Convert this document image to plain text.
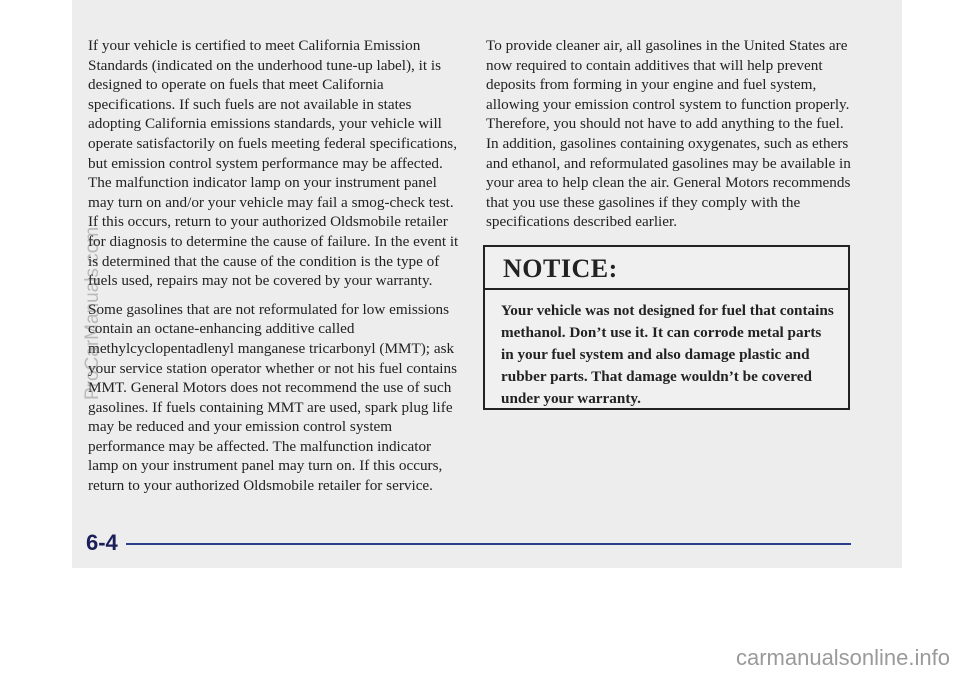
If your vehicle is certified to meet California Emission Standards (indicated on the underhood tune-up label), it is designed to operate on fuels that meet California specifications. If such fuels are not available in states adopting California emissions standards, your vehicle will operate satisfactorily on fuels meeting federal specifications, but emission control system performance may be affected. The malfunction indicator lamp on your instrument panel may turn on and/or your vehicle may fail a smog-check test. If this occurs, return to your authorized Oldsmobile retailer for diagnosis to determine the cause of failure. In the event it is determined that the cause of the condition is the type of fuels used, repairs may not be covered by your warranty.

Some gasolines that are not reformulated for low emissions contain an octane-enhancing additive called methylcyclopentadlenyl manganese tricarbonyl (MMT); ask your service station operator whether or not his fuel contains MMT. General Motors does not recommend the use of such gasolines. If fuels containing MMT are used, spark plug life may be reduced and your emission control system performance may be affected. The malfunction indicator lamp on your instrument panel may turn on. If this occurs, return to your authorized Oldsmobile retailer for service.

To provide cleaner air, all gasolines in the United States are now required to contain additives that will help prevent deposits from forming in your engine and fuel system, allowing your emission control system to function properly. Therefore, you should not have to add anything to the fuel. In addition, gasolines containing oxygenates, such as ethers and ethanol, and reformulated gasolines may be available in your area to help clean the air. General Motors recommends that you use these gasolines if they comply with the specifications described earlier.

NOTICE:
Your vehicle was not designed for fuel that contains methanol. Don’t use it. It can corrode metal parts in your fuel system and also damage plastic and rubber parts. That damage wouldn’t be covered under your warranty.
6-4
ProCarManuals.com
carmanualsonline.info
